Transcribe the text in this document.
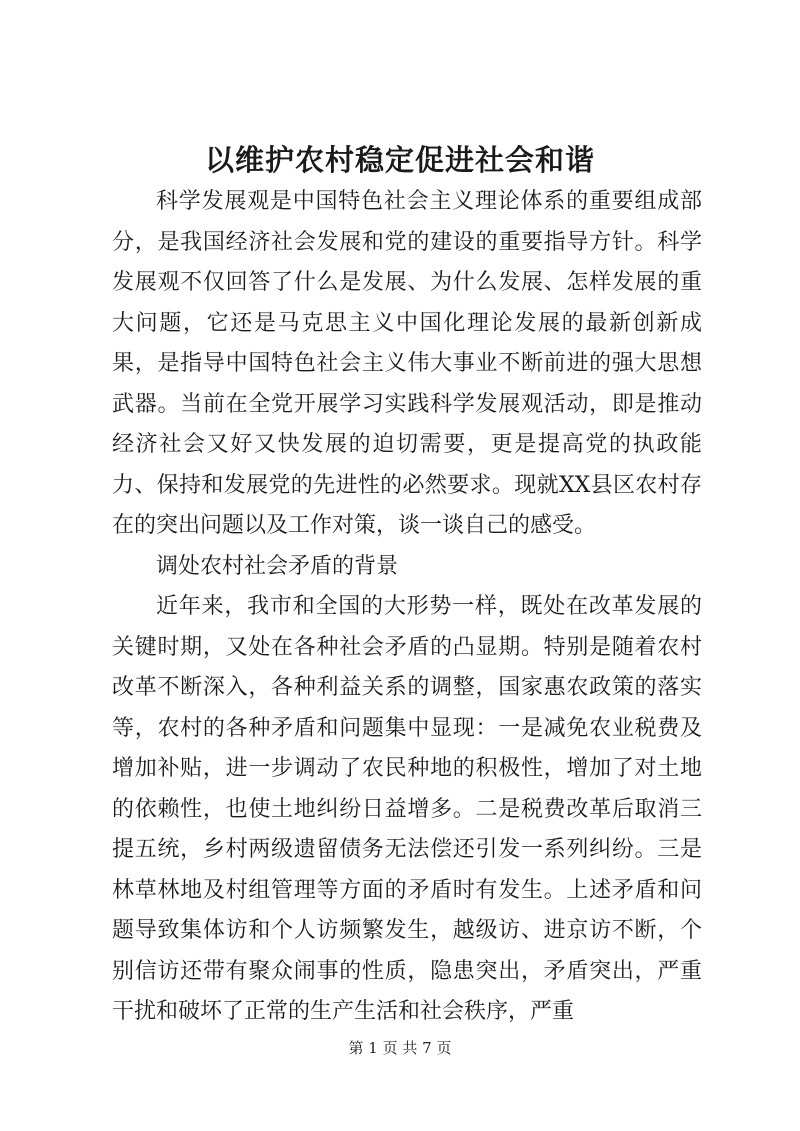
以维护农村稳定促进社会和谐

科学发展观是中国特色社会主义理论体系的重要组成部分，是我国经济社会发展和党的建设的重要指导方针。科学发展观不仅回答了什么是发展、为什么发展、怎样发展的重大问题，它还是马克思主义中国化理论发展的最新创新成果，是指导中国特色社会主义伟大事业不断前进的强大思想武器。当前在全党开展学习实践科学发展观活动，即是推动经济社会又好又快发展的迫切需要，更是提高党的执政能力、保持和发展党的先进性的必然要求。现就XX县区农村存在的突出问题以及工作对策，谈一谈自己的感受。

调处农村社会矛盾的背景

近年来，我市和全国的大形势一样，既处在改革发展的关键时期，又处在各种社会矛盾的凸显期。特别是随着农村改革不断深入，各种利益关系的调整，国家惠农政策的落实等，农村的各种矛盾和问题集中显现：一是减免农业税费及增加补贴，进一步调动了农民种地的积极性，增加了对土地的依赖性，也使土地纠纷日益增多。二是税费改革后取消三提五统，乡村两级遗留债务无法偿还引发一系列纠纷。三是林草林地及村组管理等方面的矛盾时有发生。上述矛盾和问题导致集体访和个人访频繁发生，越级访、进京访不断，个别信访还带有聚众闹事的性质，隐患突出，矛盾突出，严重干扰和破坏了正常的生产生活和社会秩序，严重

第 1 页 共 7 页
